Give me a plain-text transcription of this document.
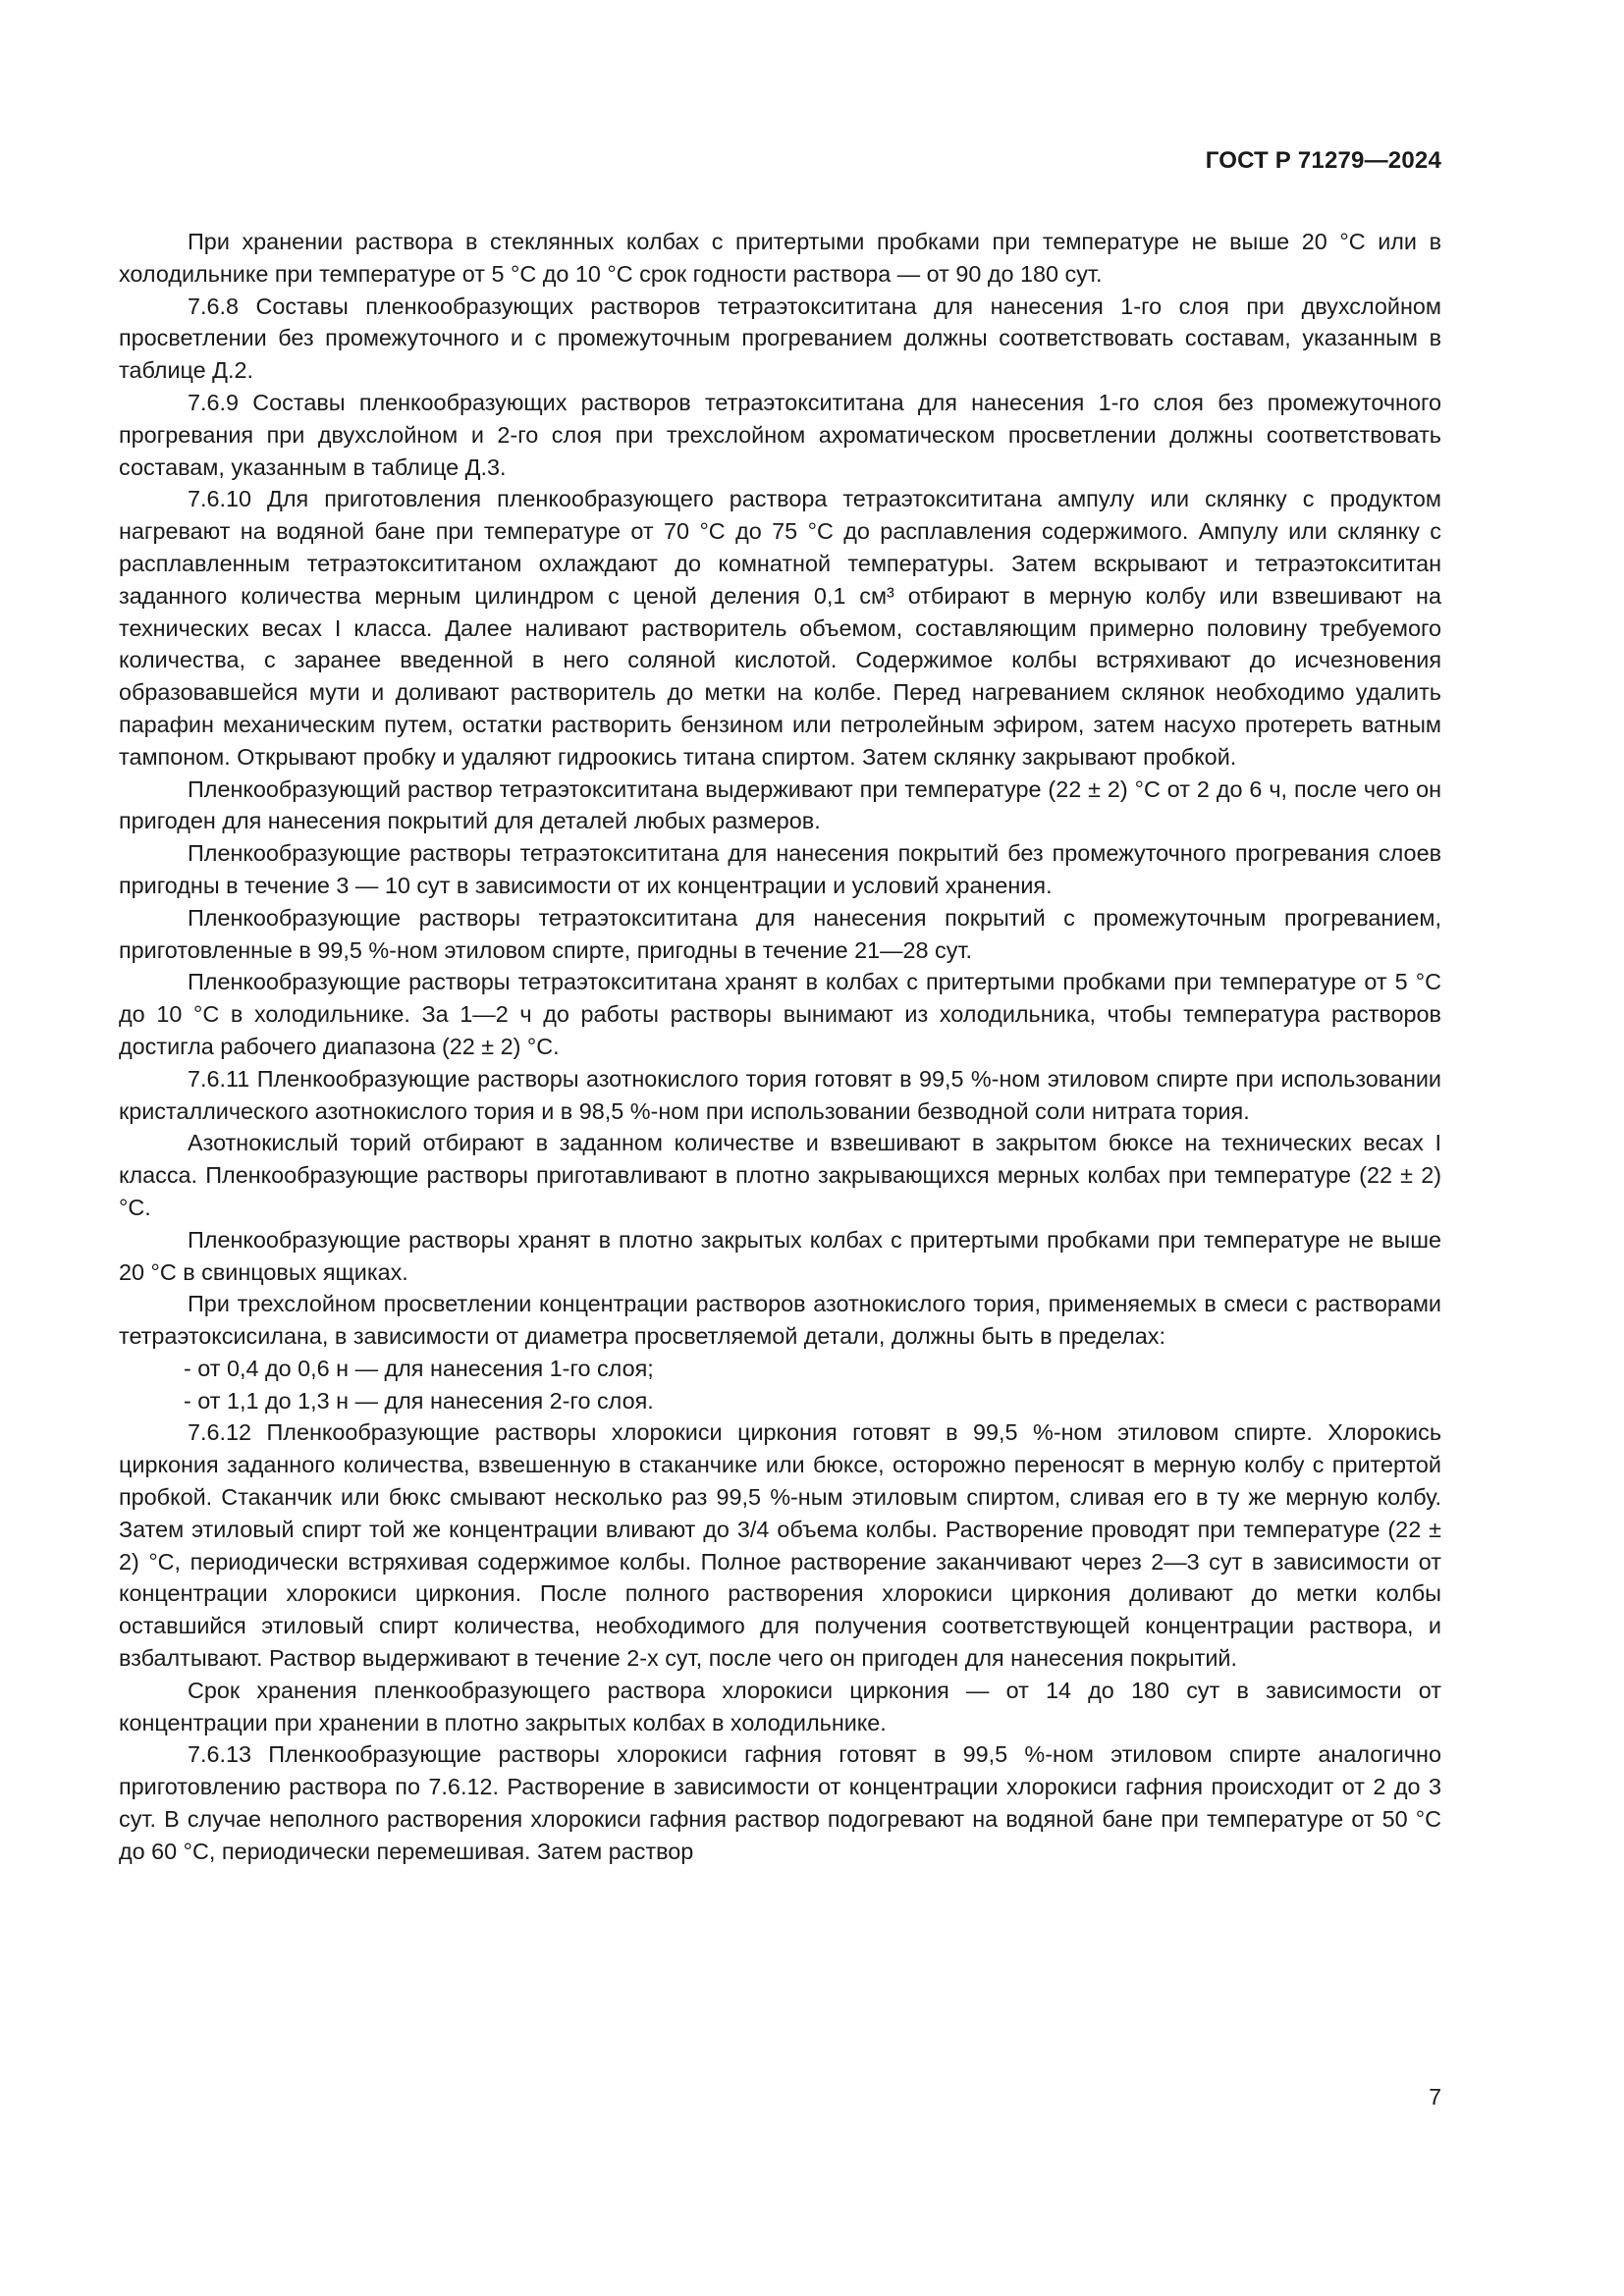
ГОСТ Р 71279—2024

При хранении раствора в стеклянных колбах с притертыми пробками при температуре не выше 20 °С или в холодильнике при температуре от 5 °С до 10 °С срок годности раствора — от 90 до 180 сут.

7.6.8 Составы пленкообразующих растворов тетраэтоксититана для нанесения 1-го слоя при двухслойном просветлении без промежуточного и с промежуточным прогреванием должны соответствовать составам, указанным в таблице Д.2.

7.6.9 Составы пленкообразующих растворов тетраэтоксититана для нанесения 1-го слоя без промежуточного прогревания при двухслойном и 2-го слоя при трехслойном ахроматическом просветлении должны соответствовать составам, указанным в таблице Д.3.

7.6.10 Для приготовления пленкообразующего раствора тетраэтоксититана ампулу или склянку с продуктом нагревают на водяной бане при температуре от 70 °С до 75 °С до расплавления содержимого. Ампулу или склянку с расплавленным тетраэтоксититаном охлаждают до комнатной температуры. Затем вскрывают и тетраэтоксититан заданного количества мерным цилиндром с ценой деления 0,1 см³ отбирают в мерную колбу или взвешивают на технических весах I класса. Далее наливают растворитель объемом, составляющим примерно половину требуемого количества, с заранее введенной в него соляной кислотой. Содержимое колбы встряхивают до исчезновения образовавшейся мути и доливают растворитель до метки на колбе. Перед нагреванием склянок необходимо удалить парафин механическим путем, остатки растворить бензином или петролейным эфиром, затем насухо протереть ватным тампоном. Открывают пробку и удаляют гидроокись титана спиртом. Затем склянку закрывают пробкой.

Пленкообразующий раствор тетраэтоксититана выдерживают при температуре (22 ± 2) °С от 2 до 6 ч, после чего он пригоден для нанесения покрытий для деталей любых размеров.

Пленкообразующие растворы тетраэтоксититана для нанесения покрытий без промежуточного прогревания слоев пригодны в течение 3 — 10 сут в зависимости от их концентрации и условий хранения.

Пленкообразующие растворы тетраэтоксититана для нанесения покрытий с промежуточным прогреванием, приготовленные в 99,5 %-ном этиловом спирте, пригодны в течение 21—28 сут.

Пленкообразующие растворы тетраэтоксититана хранят в колбах с притертыми пробками при температуре от 5 °С до 10 °С в холодильнике. За 1—2 ч до работы растворы вынимают из холодильника, чтобы температура растворов достигла рабочего диапазона (22 ± 2) °С.

7.6.11 Пленкообразующие растворы азотнокислого тория готовят в 99,5 %-ном этиловом спирте при использовании кристаллического азотнокислого тория и в 98,5 %-ном при использовании безводной соли нитрата тория.

Азотнокислый торий отбирают в заданном количестве и взвешивают в закрытом бюксе на технических весах I класса. Пленкообразующие растворы приготавливают в плотно закрывающихся мерных колбах при температуре (22 ± 2) °С.

Пленкообразующие растворы хранят в плотно закрытых колбах с притертыми пробками при температуре не выше 20 °С в свинцовых ящиках.

При трехслойном просветлении концентрации растворов азотнокислого тория, применяемых в смеси с растворами тетраэтоксисилана, в зависимости от диаметра просветляемой детали, должны быть в пределах:

- от 0,4 до 0,6 н — для нанесения 1-го слоя;

- от 1,1 до 1,3 н — для нанесения 2-го слоя.

7.6.12 Пленкообразующие растворы хлорокиси циркония готовят в 99,5 %-ном этиловом спирте. Хлорокись циркония заданного количества, взвешенную в стаканчике или бюксе, осторожно переносят в мерную колбу с притертой пробкой. Стаканчик или бюкс смывают несколько раз 99,5 %-ным этиловым спиртом, сливая его в ту же мерную колбу. Затем этиловый спирт той же концентрации вливают до 3/4 объема колбы. Растворение проводят при температуре (22 ± 2) °С, периодически встряхивая содержимое колбы. Полное растворение заканчивают через 2—3 сут в зависимости от концентрации хлорокиси циркония. После полного растворения хлорокиси циркония доливают до метки колбы оставшийся этиловый спирт количества, необходимого для получения соответствующей концентрации раствора, и взбалтывают. Раствор выдерживают в течение 2-х сут, после чего он пригоден для нанесения покрытий.

Срок хранения пленкообразующего раствора хлорокиси циркония — от 14 до 180 сут в зависимости от концентрации при хранении в плотно закрытых колбах в холодильнике.

7.6.13 Пленкообразующие растворы хлорокиси гафния готовят в 99,5 %-ном этиловом спирте аналогично приготовлению раствора по 7.6.12. Растворение в зависимости от концентрации хлорокиси гафния происходит от 2 до 3 сут. В случае неполного растворения хлорокиси гафния раствор подогревают на водяной бане при температуре от 50 °С до 60 °С, периодически перемешивая. Затем раствор

7
